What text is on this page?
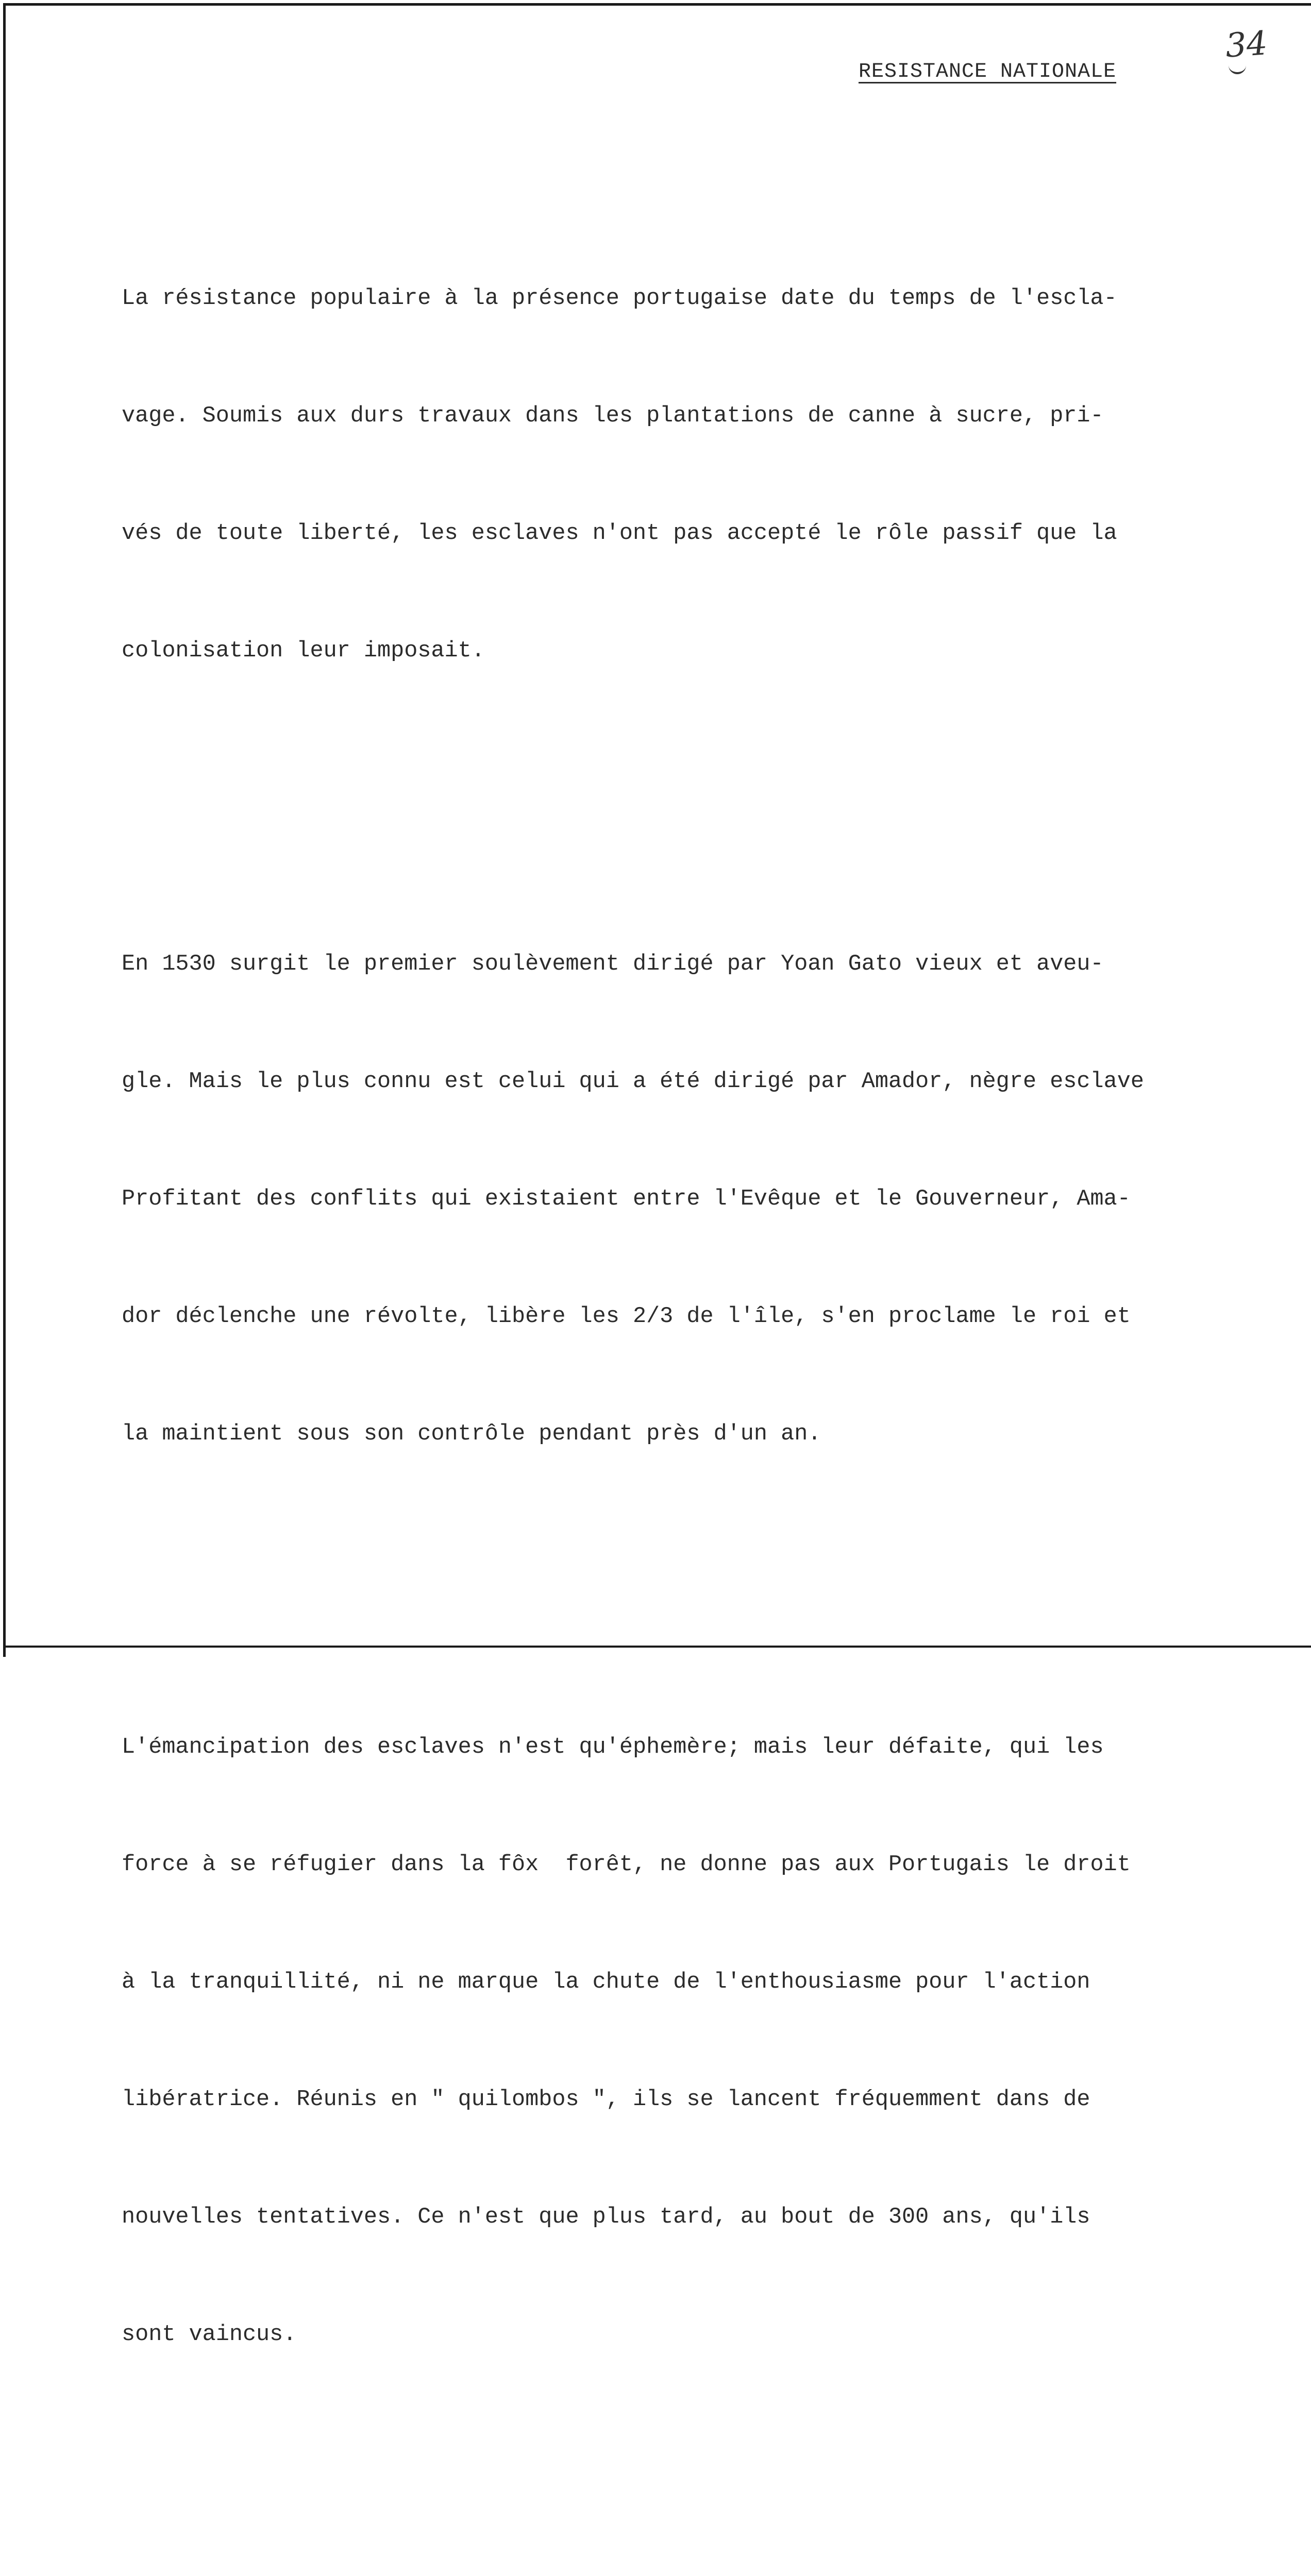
34
RESISTANCE NATIONALE

La résistance populaire à la présence portugaise date du temps de l'escla-

vage. Soumis aux durs travaux dans les plantations de canne à sucre, pri-

vés de toute liberté, les esclaves n'ont pas accepté le rôle passif que la

colonisation leur imposait.

En 1530 surgit le premier soulèvement dirigé par Yoan Gato vieux et aveu-

gle. Mais le plus connu est celui qui a été dirigé par Amador, nègre esclave

Profitant des conflits qui existaient entre l'Evêque et le Gouverneur, Ama-

dor déclenche une révolte, libère les 2/3 de l'île, s'en proclame le roi et

la maintient sous son contrôle pendant près d'un an.

L'émancipation des esclaves n'est qu'éphemère; mais leur défaite, qui les

force à se réfugier dans la fôx  forêt, ne donne pas aux Portugais le droit

à la tranquillité, ni ne marque la chute de l'enthousiasme pour l'action

libératrice. Réunis en " quilombos ", ils se lancent fréquemment dans de

nouvelles tentatives. Ce n'est que plus tard, au bout de 300 ans, qu'ils

sont vaincus.
